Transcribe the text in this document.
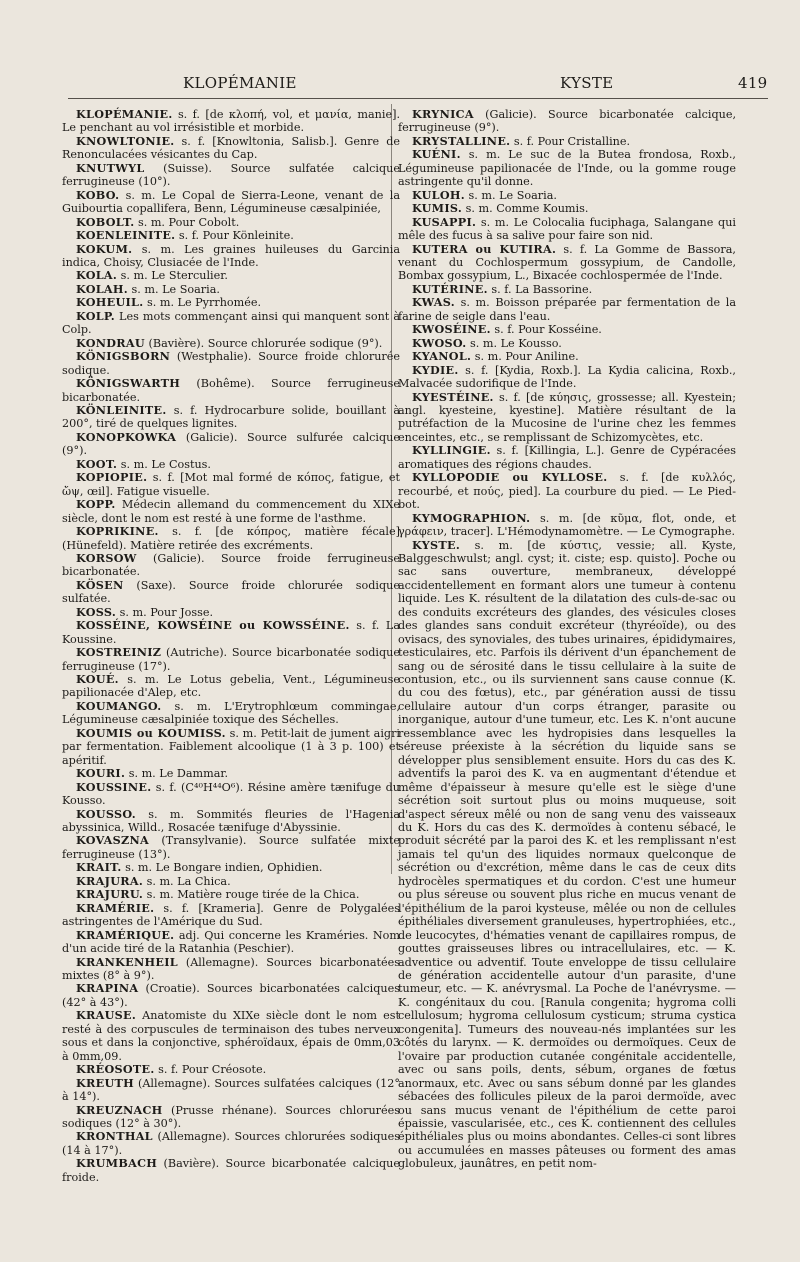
KLOPÉMANIE	KYSTE	419

KLOPÉMANIE. s. f. [de κλοπή, vol, et μανία, manie]. Le penchant au vol irrésistible et morbide.

KNOWLTONIE. s. f. [Knowltonia, Salisb.]. Genre de Renonculacées vésicantes du Cap.

KNUTWYL (Suisse). Source sulfatée calcique ferrugineuse (10°).

KOBO. s. m. Le Copal de Sierra-Leone, venant de la Guibourtia copallifera, Benn, Légumineuse cæsalpiniée,

KOBOLT. s. m. Pour Cobolt.

KOENLEINITE. s. f. Pour Könleinite.

KOKUM. s. m. Les graines huileuses du Garcinia indica, Choisy, Clusiacée de l'Inde.

KOLA. s. m. Le Sterculier.

KOLAH. s. m. Le Soaria.

KOHEUIL. s. m. Le Pyrrhomée.

KOLP. Les mots commençant ainsi qui manquent sont à Colp.

KONDRAU (Bavière). Source chlorurée sodique (9°).

KÖNIGSBORN (Westphalie). Source froide chlorurée sodique.

KÖNIGSWARTH (Bohême). Source ferrugineuse bicarbonatée.

KÖNLEINITE. s. f. Hydrocarbure solide, bouillant à 200°, tiré de quelques lignites.

KONOPKOWKA (Galicie). Source sulfurée calcique (9°).

KOOT. s. m. Le Costus.

KOPIOPIE. s. f. [Mot mal formé de κόπος, fatigue, et ὤψ, œil]. Fatigue visuelle.

KOPP. Médecin allemand du commencement du XIXe siècle, dont le nom est resté à une forme de l'asthme.

KOPRIKINE. s. f. [de κόπρος, matière fécale] (Hünefeld). Matière retirée des excréments.

KORSOW (Galicie). Source froide ferrugineuse bicarbonatée.

KÖSEN (Saxe). Source froide chlorurée sodique sulfatée.

KOSS. s. m. Pour Josse.

KOSSÉINE, KOWSÉINE ou KOWSSÉINE. s. f. La Koussine.

KOSTREINIZ (Autriche). Source bicarbonatée sodique ferrugineuse (17°).

KOUÉ. s. m. Le Lotus gebelia, Vent., Légumineuse papilionacée d'Alep, etc.

KOUMANGO. s. m. L'Erytrophlœum commingae, Légumineuse cæsalpiniée toxique des Séchelles.

KOUMIS ou KOUMISS. s. m. Petit-lait de jument aigri par fermentation. Faiblement alcoolique (1 à 3 p. 100) et apéritif.

KOURI. s. m. Le Dammar.

KOUSSINE. s. f. (C⁴⁰H⁴⁴O⁶). Résine amère tænifuge du Kousso.

KOUSSO. s. m. Sommités fleuries de l'Hagenia abyssinica, Willd., Rosacée tænifuge d'Abyssinie.

KOVASZNA (Transylvanie). Source sulfatée mixte ferrugineuse (13°).

KRAIT. s. m. Le Bongare indien, Ophidien.

KRAJURA. s. m. La Chica.

KRAJURU. s. m. Matière rouge tirée de la Chica.

KRAMÉRIE. s. f. [Krameria]. Genre de Polygalées astringentes de l'Amérique du Sud.

KRAMÉRIQUE. adj. Qui concerne les Kraméries. Nom d'un acide tiré de la Ratanhia (Peschier).

KRANKENHEIL (Allemagne). Sources bicarbonatées mixtes (8° à 9°).

KRAPINA (Croatie). Sources bicarbonatées calciques (42° à 43°).

KRAUSE. Anatomiste du XIXe siècle dont le nom est resté à des corpuscules de terminaison des tubes nerveux sous et dans la conjonctive, sphéroïdaux, épais de 0mm,03 à 0mm,09.

KRÉOSOTE. s. f. Pour Créosote.

KREUTH (Allemagne). Sources sulfatées calciques (12° à 14°).

KREUZNACH (Prusse rhénane). Sources chlorurées sodiques (12° à 30°).

KRONTHAL (Allemagne). Sources chlorurées sodiques (14 à 17°).

KRUMBACH (Bavière). Source bicarbonatée calcique froide.

KRYNICA (Galicie). Source bicarbonatée calcique, ferrugineuse (9°).

KRYSTALLINE. s. f. Pour Cristalline.

KUÉNI. s. m. Le suc de la Butea frondosa, Roxb., Légumineuse papilionacée de l'Inde, ou la gomme rouge astringente qu'il donne.

KULOH. s. m. Le Soaria.

KUMIS. s. m. Comme Koumis.

KUSAPPI. s. m. Le Colocalia fuciphaga, Salangane qui mêle des fucus à sa salive pour faire son nid.

KUTERA ou KUTIRA. s. f. La Gomme de Bassora, venant du Cochlospermum gossypium, de Candolle, Bombax gossypium, L., Bixacée cochlospermée de l'Inde.

KUTÉRINE. s. f. La Bassorine.

KWAS. s. m. Boisson préparée par fermentation de la farine de seigle dans l'eau.

KWOSÉINE. s. f. Pour Kosséine.

KWOSO. s. m. Le Kousso.

KYANOL. s. m. Pour Aniline.

KYDIE. s. f. [Kydia, Roxb.]. La Kydia calicina, Roxb., Malvacée sudorifique de l'Inde.

KYESTÉINE. s. f. [de κύησις, grossesse; all. Kyestein; angl. kyesteine, kyestine]. Matière résultant de la putréfaction de la Mucosine de l'urine chez les femmes enceintes, etc., se remplissant de Schizomycètes, etc.

KYLLINGIE. s. f. [Killingia, L.]. Genre de Cypéracées aromatiques des régions chaudes.

KYLLOPODIE ou KYLLOSE. s. f. [de κυλλός, recourbé, et πούς, pied]. La courbure du pied. — Le Pied-bot.

KYMOGRAPHION. s. m. [de κῦμα, flot, onde, et γράφειν, tracer]. L'Hémodynamomètre. — Le Cymographe.

KYSTE. s. m. [de κύστις, vessie; all. Kyste, Balggeschwulst; angl. cyst; it. ciste; esp. quisto]. Poche ou sac sans ouverture, membraneux, développé accidentellement en formant alors une tumeur à contenu liquide. Les K. résultent de la dilatation des culs-de-sac ou des conduits excréteurs des glandes, des vésicules closes des glandes sans conduit excréteur (thyréoïde), ou des ovisacs, des synoviales, des tubes urinaires, épididymaires, testiculaires, etc. Parfois ils dérivent d'un épanchement de sang ou de sérosité dans le tissu cellulaire à la suite de contusion, etc., ou ils surviennent sans cause connue (K. du cou des fœtus), etc., par génération aussi de tissu cellulaire autour d'un corps étranger, parasite ou inorganique, autour d'une tumeur, etc. Les K. n'ont aucune ressemblance avec les hydropisies dans lesquelles la séreuse préexiste à la sécrétion du liquide sans se développer plus sensiblement ensuite. Hors du cas des K. adventifs la paroi des K. va en augmentant d'étendue et même d'épaisseur à mesure qu'elle est le siège d'une sécrétion soit surtout plus ou moins muqueuse, soit d'aspect séreux mêlé ou non de sang venu des vaisseaux du K. Hors du cas des K. dermoïdes à contenu sébacé, le produit sécrété par la paroi des K. et les remplissant n'est jamais tel qu'un des liquides normaux quelconque de sécrétion ou d'excrétion, même dans le cas de ceux dits hydrocèles spermatiques et du cordon. C'est une humeur ou plus séreuse ou souvent plus riche en mucus venant de l'épithélium de la paroi kysteuse, mêlée ou non de cellules épithéliales diversement granuleuses, hypertrophiées, etc., de leucocytes, d'hématies venant de capillaires rompus, de gouttes graisseuses libres ou intracellulaires, etc. — K. adventice ou adventif. Toute enveloppe de tissu cellulaire de génération accidentelle autour d'un parasite, d'une tumeur, etc. — K. anévrysmal. La Poche de l'anévrysme. — K. congénitaux du cou. [Ranula congenita; hygroma colli cellulosum; hygroma cellulosum cysticum; struma cystica congenita]. Tumeurs des nouveau-nés implantées sur les côtés du larynx. — K. dermoïdes ou dermoïques. Ceux de l'ovaire par production cutanée congénitale accidentelle, avec ou sans poils, dents, sébum, organes de fœtus anormaux, etc. Avec ou sans sébum donné par les glandes sébacées des follicules pileux de la paroi dermoïde, avec ou sans mucus venant de l'épithélium de cette paroi épaissie, vascularisée, etc., ces K. contiennent des cellules épithéliales plus ou moins abondantes. Celles-ci sont libres ou accumulées en masses pâteuses ou forment des amas globuleux, jaunâtres, en petit nom-
